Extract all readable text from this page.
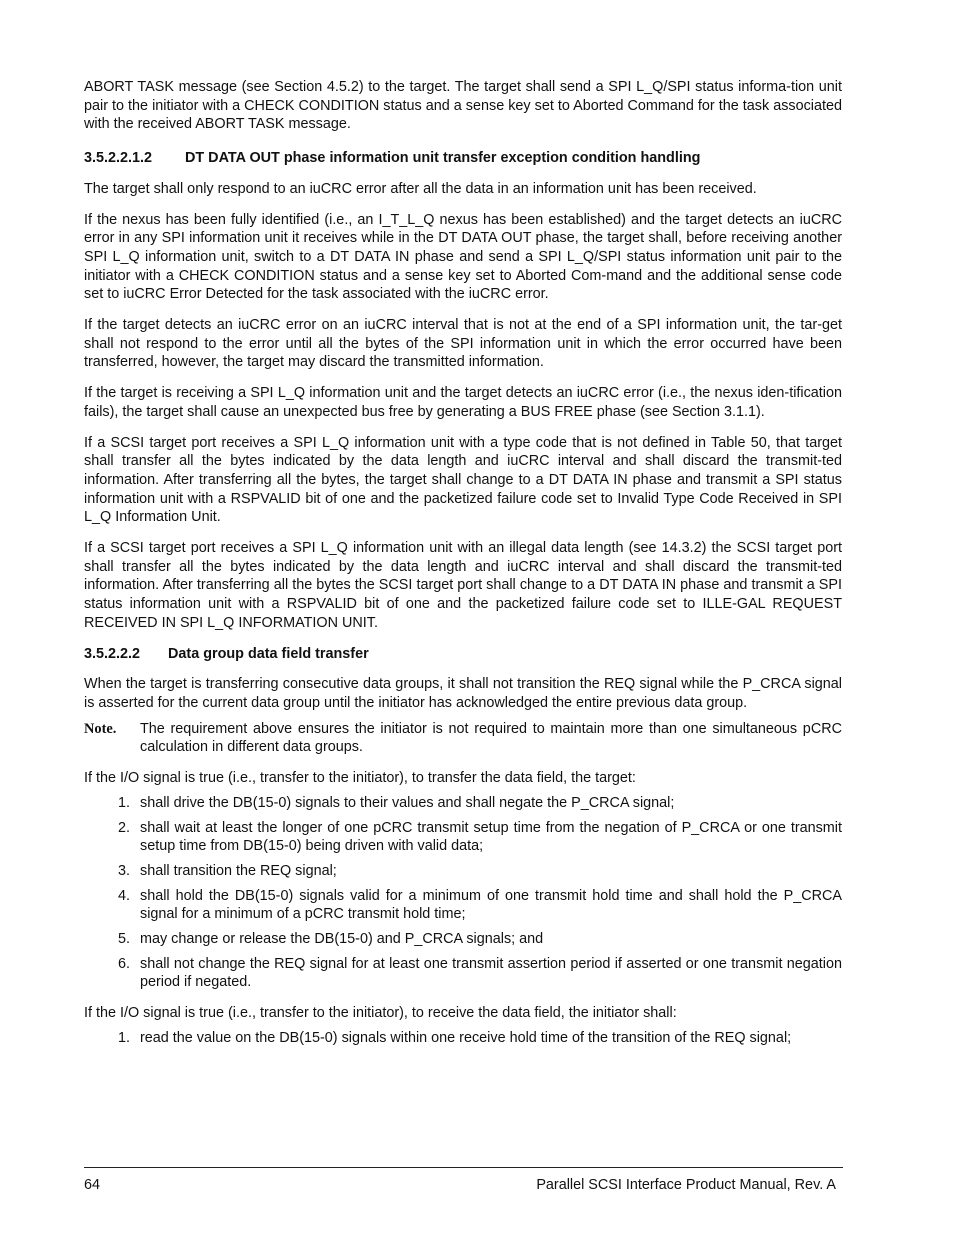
ABORT TASK message (see Section 4.5.2) to the target. The target shall send a SPI L_Q/SPI status informa-tion unit pair to the initiator with a CHECK CONDITION status and a sense key set to Aborted Command for the task associated with the received ABORT TASK message.

3.5.2.2.1.2	DT DATA OUT phase information unit transfer exception condition handling

The target shall only respond to an iuCRC error after all the data in an information unit has been received.

If the nexus has been fully identified (i.e., an I_T_L_Q nexus has been established) and the target detects an iuCRC error in any SPI information unit it receives while in the DT DATA OUT phase, the target shall, before receiving another SPI L_Q information unit, switch to a DT DATA IN phase and send a SPI L_Q/SPI status information unit pair to the initiator with a CHECK CONDITION status and a sense key set to Aborted Com-mand and the additional sense code set to iuCRC Error Detected for the task associated with the iuCRC error.

If the target detects an iuCRC error on an iuCRC interval that is not at the end of a SPI information unit, the tar-get shall not respond to the error until all the bytes of the SPI information unit in which the error occurred have been transferred, however, the target may discard the transmitted information.

If the target is receiving a SPI L_Q information unit and the target detects an iuCRC error (i.e., the nexus iden-tification fails), the target shall cause an unexpected bus free by generating a BUS FREE phase (see Section 3.1.1).

If a SCSI target port receives a SPI L_Q information unit with a type code that is not defined in Table 50, that target shall transfer all the bytes indicated by the data length and iuCRC interval and shall discard the transmit-ted information. After transferring all the bytes, the target shall change to a DT DATA IN phase and transmit a SPI status information unit with a RSPVALID bit of one and the packetized failure code set to Invalid Type Code Received in SPI L_Q Information Unit.

If a SCSI target port receives a SPI L_Q information unit with an illegal data length (see 14.3.2) the SCSI target port shall transfer all the bytes indicated by the data length and iuCRC interval and shall discard the transmit-ted information. After transferring all the bytes the SCSI target port shall change to a DT DATA IN phase and transmit a SPI status information unit with a RSPVALID bit of one and the packetized failure code set to ILLE-GAL REQUEST RECEIVED IN SPI L_Q INFORMATION UNIT.

3.5.2.2.2	Data group data field transfer

When the target is transferring consecutive data groups, it shall not transition the REQ signal while the P_CRCA signal is asserted for the current data group until the initiator has acknowledged the entire previous data group.

Note.	The requirement above ensures the initiator is not required to maintain more than one simultaneous pCRC calculation in different data groups.

If the I/O signal is true (i.e., transfer to the initiator), to transfer the data field, the target:

1. shall drive the DB(15-0) signals to their values and shall negate the P_CRCA signal;
2. shall wait at least the longer of one pCRC transmit setup time from the negation of P_CRCA or one transmit setup time from DB(15-0) being driven with valid data;
3. shall transition the REQ signal;
4. shall hold the DB(15-0) signals valid for a minimum of one transmit hold time and shall hold the P_CRCA signal for a minimum of a pCRC transmit hold time;
5. may change or release the DB(15-0) and P_CRCA signals; and
6. shall not change the REQ signal for at least one transmit assertion period if asserted or one transmit negation period if negated.

If the I/O signal is true (i.e., transfer to the initiator), to receive the data field, the initiator shall:

1. read the value on the DB(15-0) signals within one receive hold time of the transition of the REQ signal;
64	Parallel SCSI Interface Product Manual, Rev. A
